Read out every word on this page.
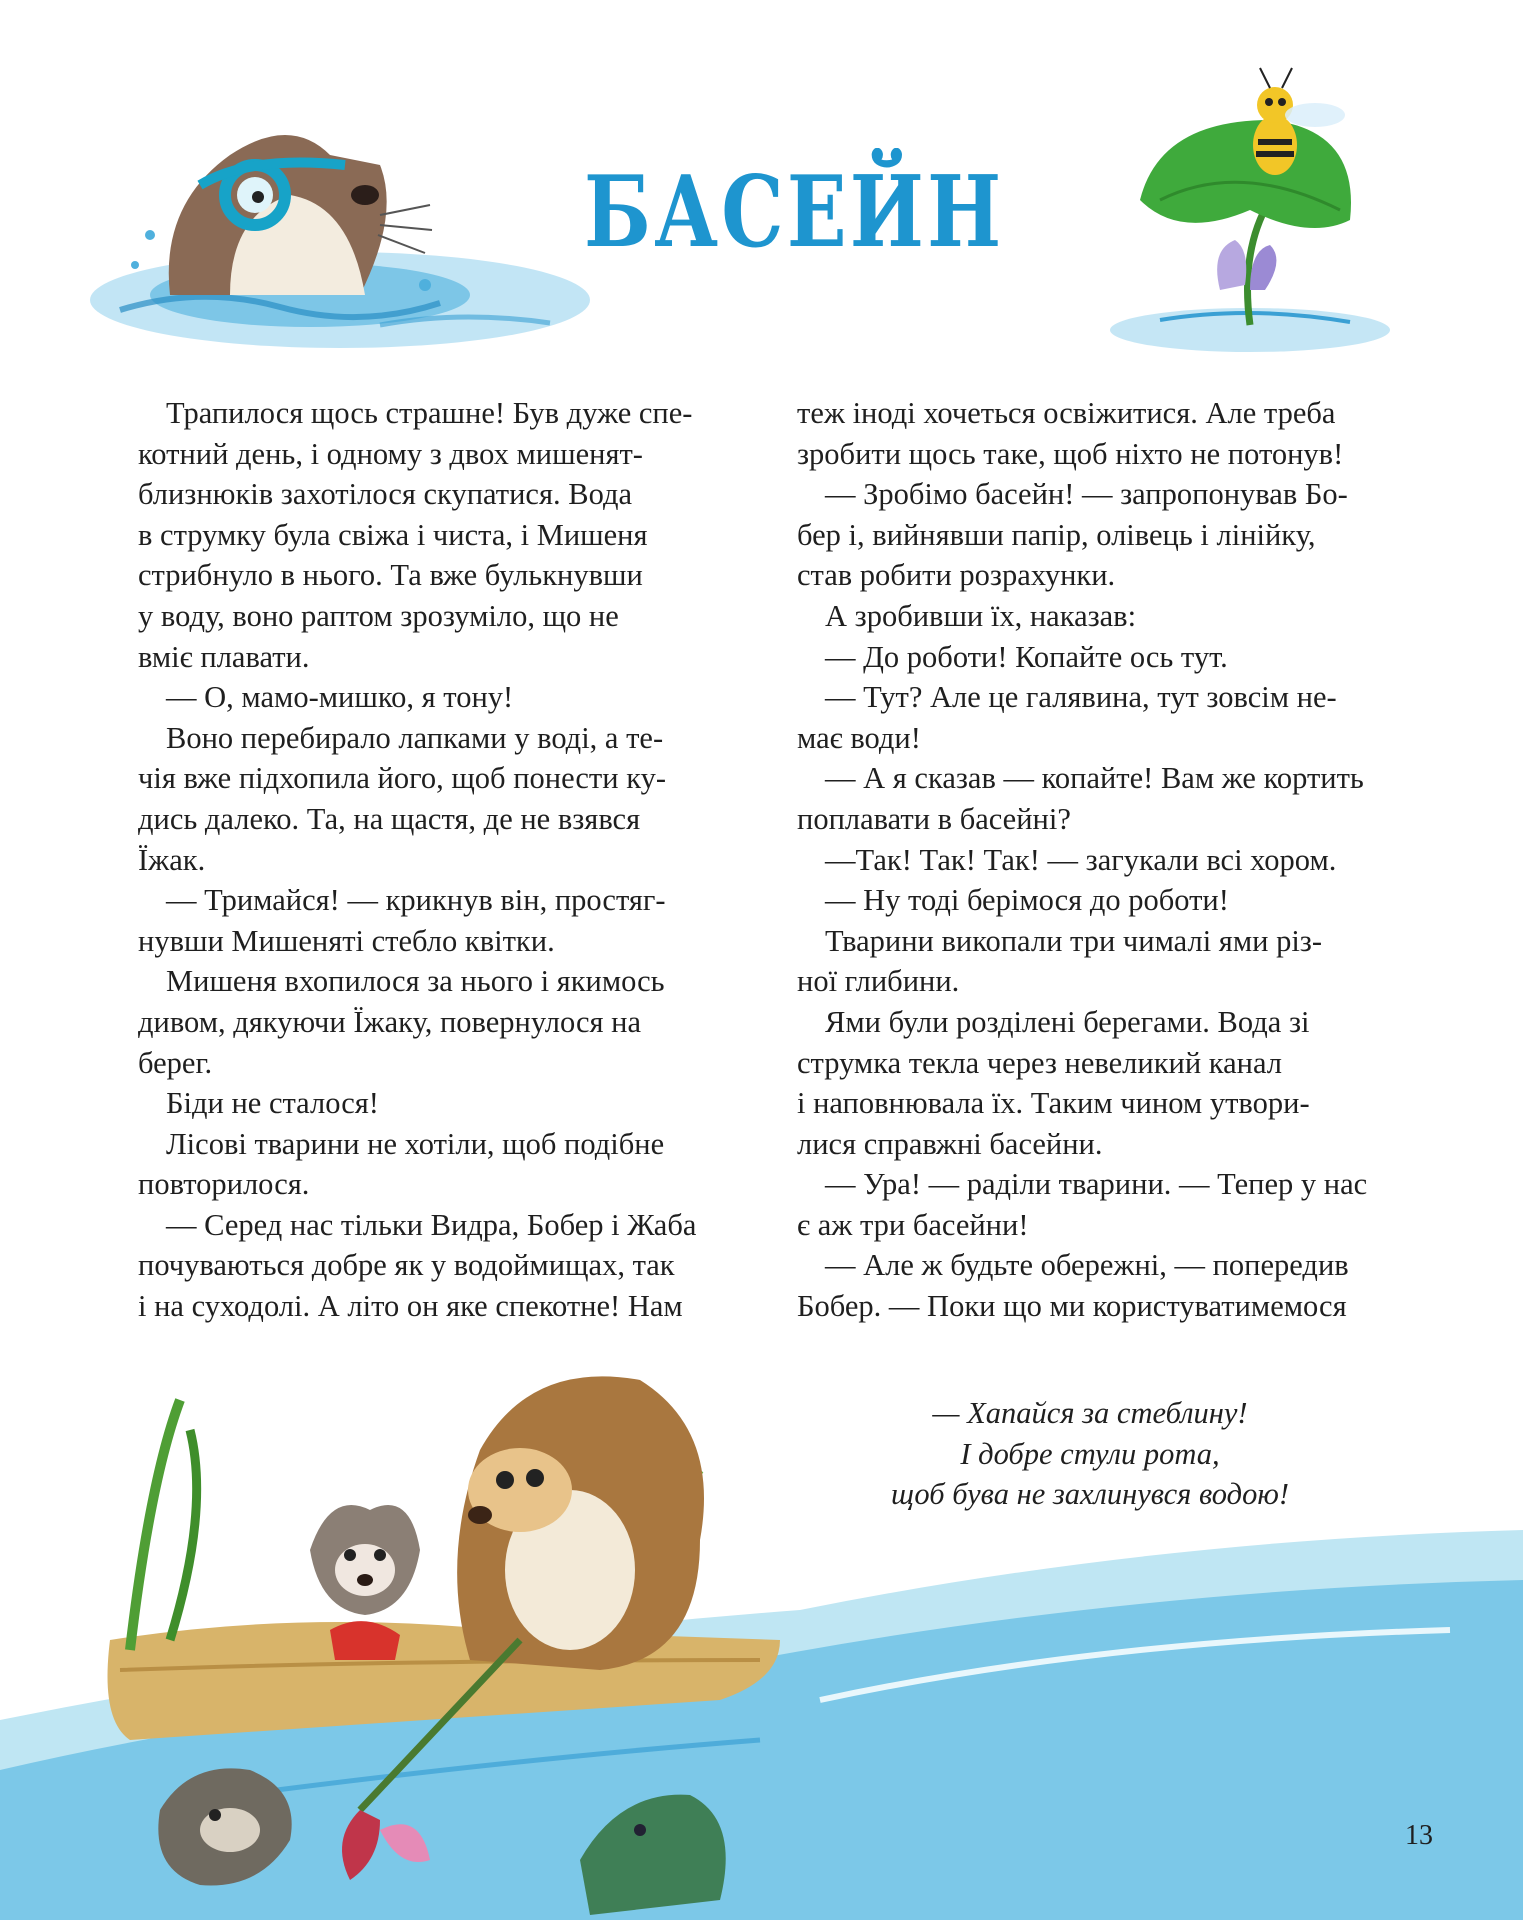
БАСЕЙН

Трапилося щось страшне! Був дуже спе-
котний день, і одному з двох мишенят-
близнюків захотілося скупатися. Вода
в струмку була свіжа і чиста, і Мишеня
стрибнуло в нього. Та вже булькнувши
у воду, воно раптом зрозуміло, що не
вміє плавати.

— О, мамо-мишко, я тону!

Воно перебирало лапками у воді, а те-
чія вже підхопила його, щоб понести ку-
дись далеко. Та, на щастя, де не взявся
Їжак.

— Тримайся! — крикнув він, простяг-
нувши Мишеняті стебло квітки.

Мишеня вхопилося за нього і якимось
дивом, дякуючи Їжаку, повернулося на
берег.

Біди не сталося!

Лісові тварини не хотіли, щоб подібне
повторилося.

— Серед нас тільки Видра, Бобер і Жаба
почуваються добре як у водоймищах, так
і на суходолі. А літо он яке спекотне! Нам

теж іноді хочеться освіжитися. Але треба
зробити щось таке, щоб ніхто не потонув!

— Зробімо басейн! — запропонував Бо-
бер і, вийнявши папір, олівець і лінійку,
став робити розрахунки.

А зробивши їх, наказав:

— До роботи! Копайте ось тут.

— Тут? Але це галявина, тут зовсім не-
має води!

— А я сказав — копайте! Вам же кортить
поплавати в басейні?

—Так! Так! Так! — загукали всі хором.

— Ну тоді берімося до роботи!

Тварини викопали три чималі ями різ-
ної глибини.

Ями були розділені берегами. Вода зі
струмка текла через невеликий канал
і наповнювала їх. Таким чином утвори-
лися справжні басейни.

— Ура! — раділи тварини. — Тепер у нас
є аж три басейни!

— Але ж будьте обережні, — попередив
Бобер. — Поки що ми користуватимемося

— Хапайся за стеблину!
І добре стули рота,
щоб бува не захлинувся водою!
13
